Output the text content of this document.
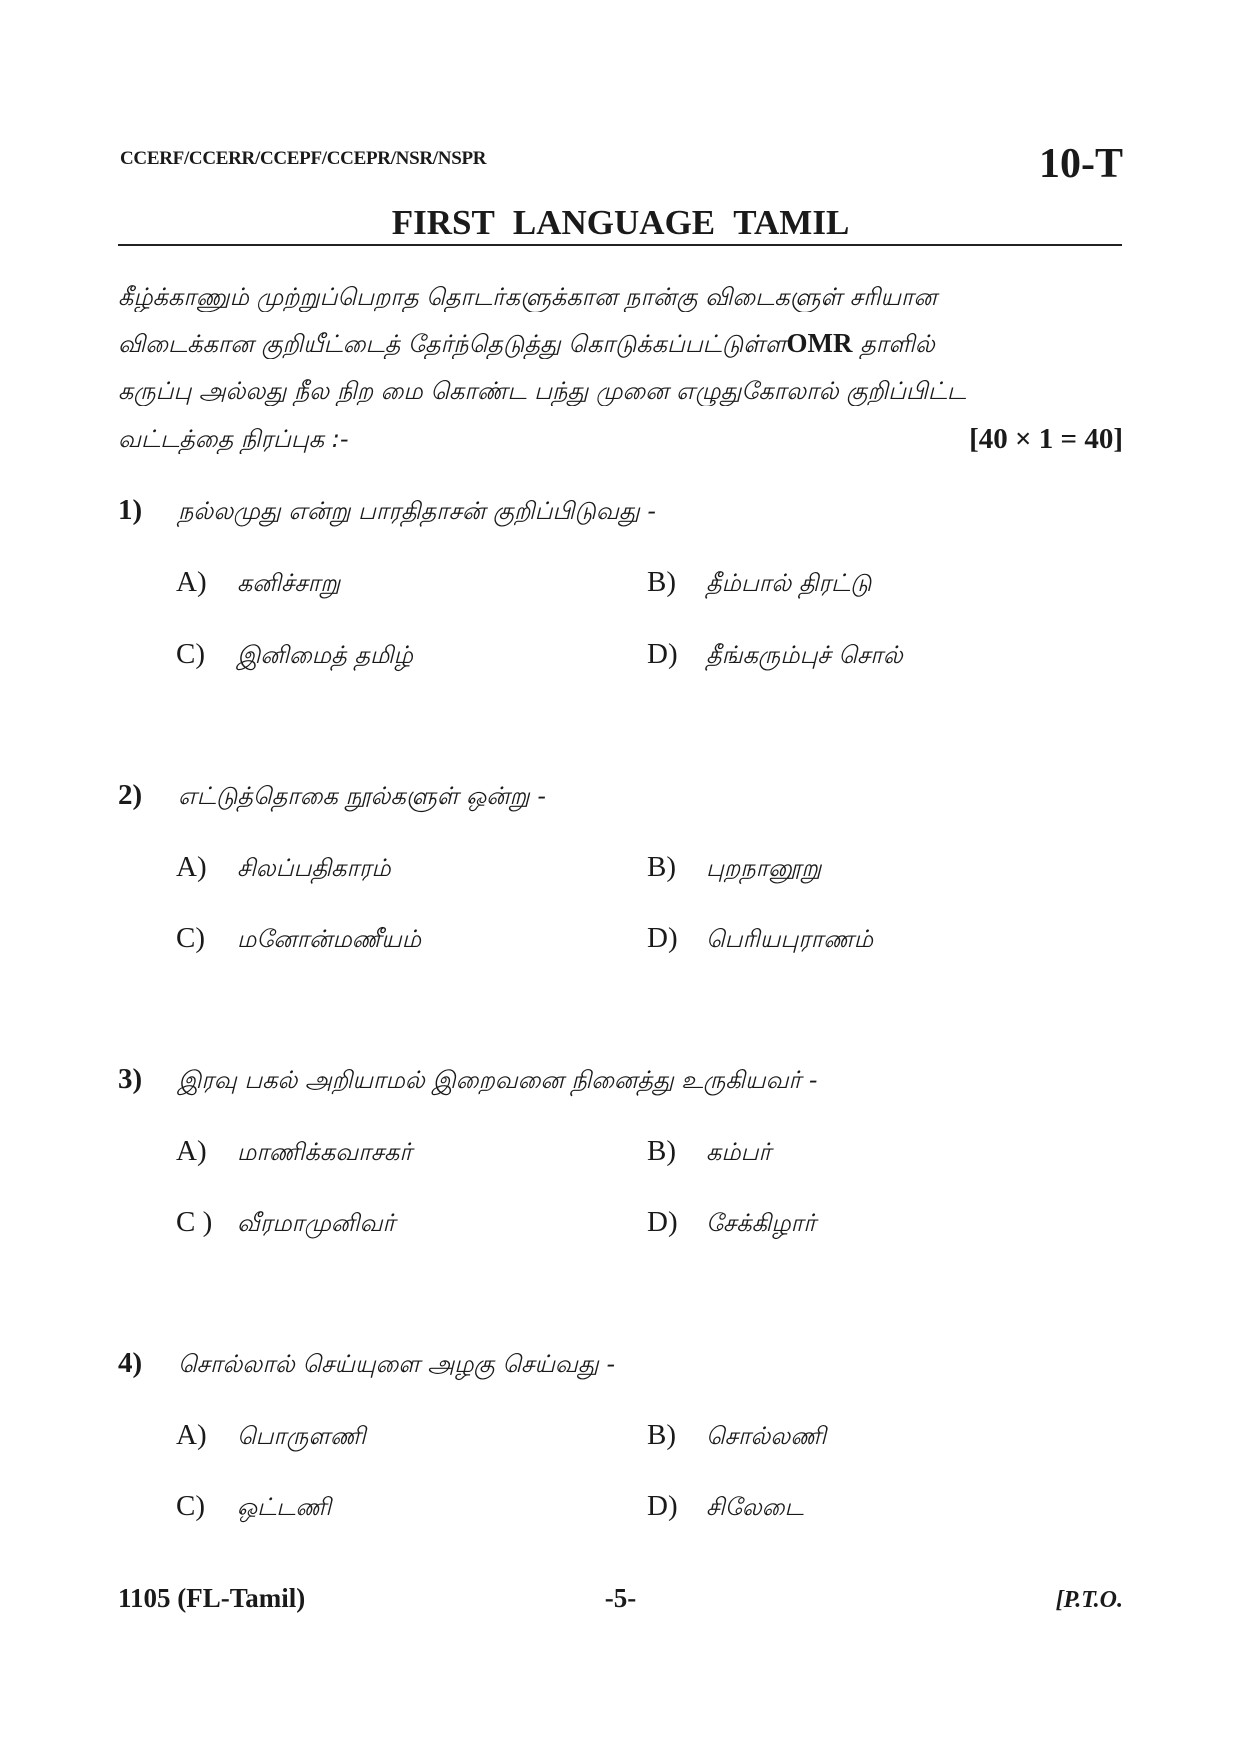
CCERF/CCERR/CCEPF/CCEPR/NSR/NSPR	10-T
FIRST LANGUAGE TAMIL
கீழ்க்காணும் முற்றுப்பெறாத தொடர்களுக்கான நான்கு விடைகளுள் சரியான
விடைக்கான குறியீட்டைத் தேர்ந்தெடுத்து கொடுக்கப்பட்டுள்ளOMR தாளில்
கருப்பு அல்லது நீல நிற மை கொண்ட பந்து முனை எழுதுகோலால் குறிப்பிட்ட
வட்டத்தை நிரப்புக :-	[40 × 1 = 40]
1) நல்லமுது என்று பாரதிதாசன் குறிப்பிடுவது -
A) கனிச்சாறு	B) தீம்பால் திரட்டு
C) இனிமைத் தமிழ்	D) தீங்கரும்புச் சொல்
2) எட்டுத்தொகை நூல்களுள் ஒன்று -
A) சிலப்பதிகாரம்	B) புறநானூறு
C) மனோன்மணீயம்	D) பெரியபுராணம்
3) இரவு பகல் அறியாமல் இறைவனை நினைத்து உருகியவர் -
A) மாணிக்கவாசகர்	B) கம்பர்
C ) வீரமாமுனிவர்	D) சேக்கிழார்
4) சொல்லால் செய்யுளை அழகு செய்வது -
A) பொருளணி	B) சொல்லணி
C) ஒட்டணி	D) சிலேடை
1105 (FL-Tamil)	-5-	[P.T.O.
